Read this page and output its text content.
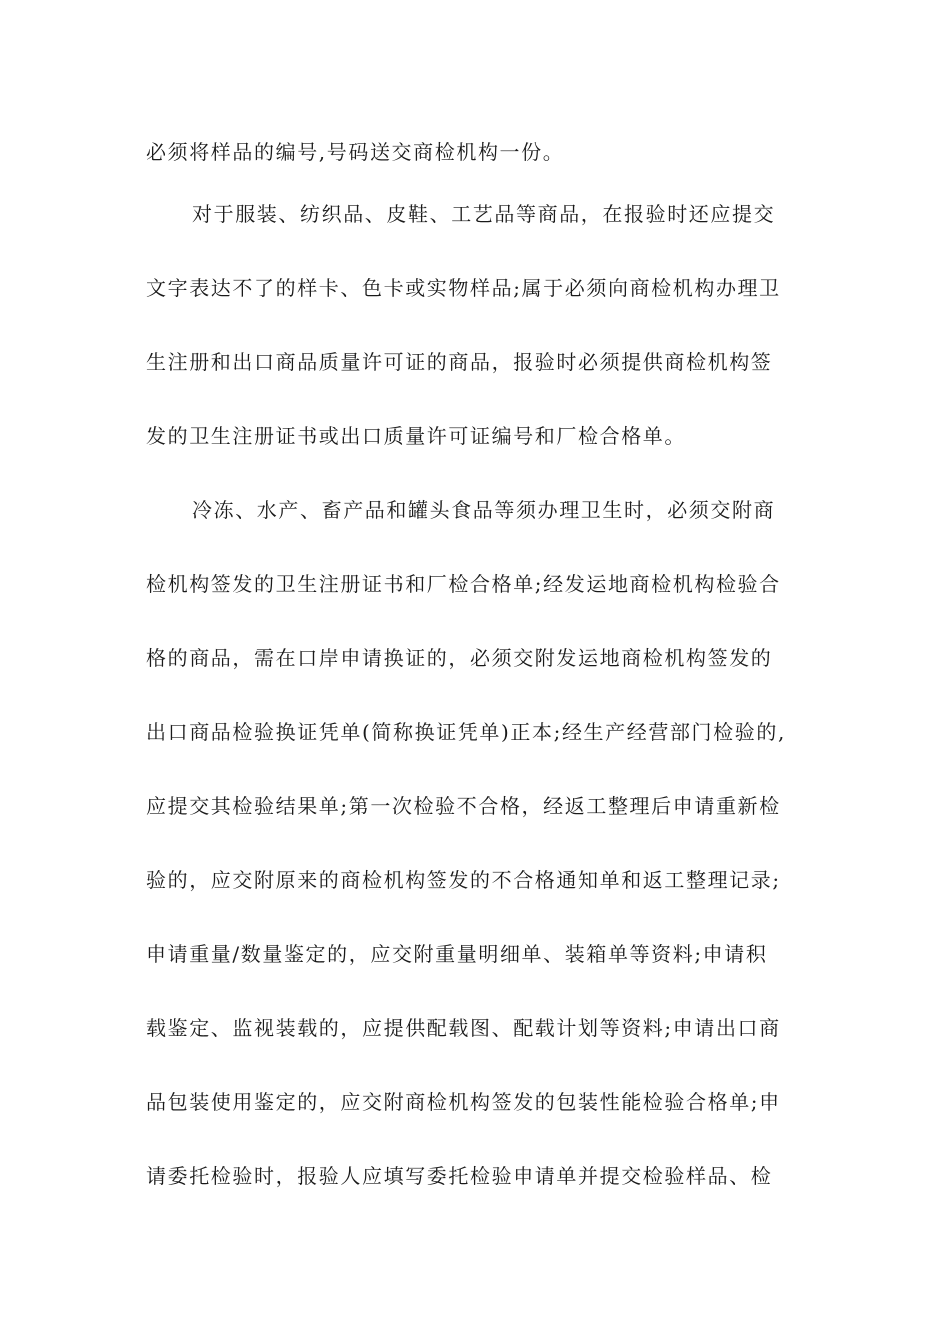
必须将样品的编号,号码送交商检机构一份。
对于服装、纺织品、皮鞋、工艺品等商品，在报验时还应提交
文字表达不了的样卡、色卡或实物样品;属于必须向商检机构办理卫
生注册和出口商品质量许可证的商品，报验时必须提供商检机构签
发的卫生注册证书或出口质量许可证编号和厂检合格单。
冷冻、水产、畜产品和罐头食品等须办理卫生时，必须交附商
检机构签发的卫生注册证书和厂检合格单;经发运地商检机构检验合
格的商品，需在口岸申请换证的，必须交附发运地商检机构签发的
出口商品检验换证凭单(简称换证凭单)正本;经生产经营部门检验的,
应提交其检验结果单;第一次检验不合格，经返工整理后申请重新检
验的，应交附原来的商检机构签发的不合格通知单和返工整理记录;
申请重量/数量鉴定的，应交附重量明细单、装箱单等资料;申请积
载鉴定、监视装载的，应提供配载图、配载计划等资料;申请出口商
品包装使用鉴定的，应交附商检机构签发的包装性能检验合格单;申
请委托检验时，报验人应填写委托检验申请单并提交检验样品、检
